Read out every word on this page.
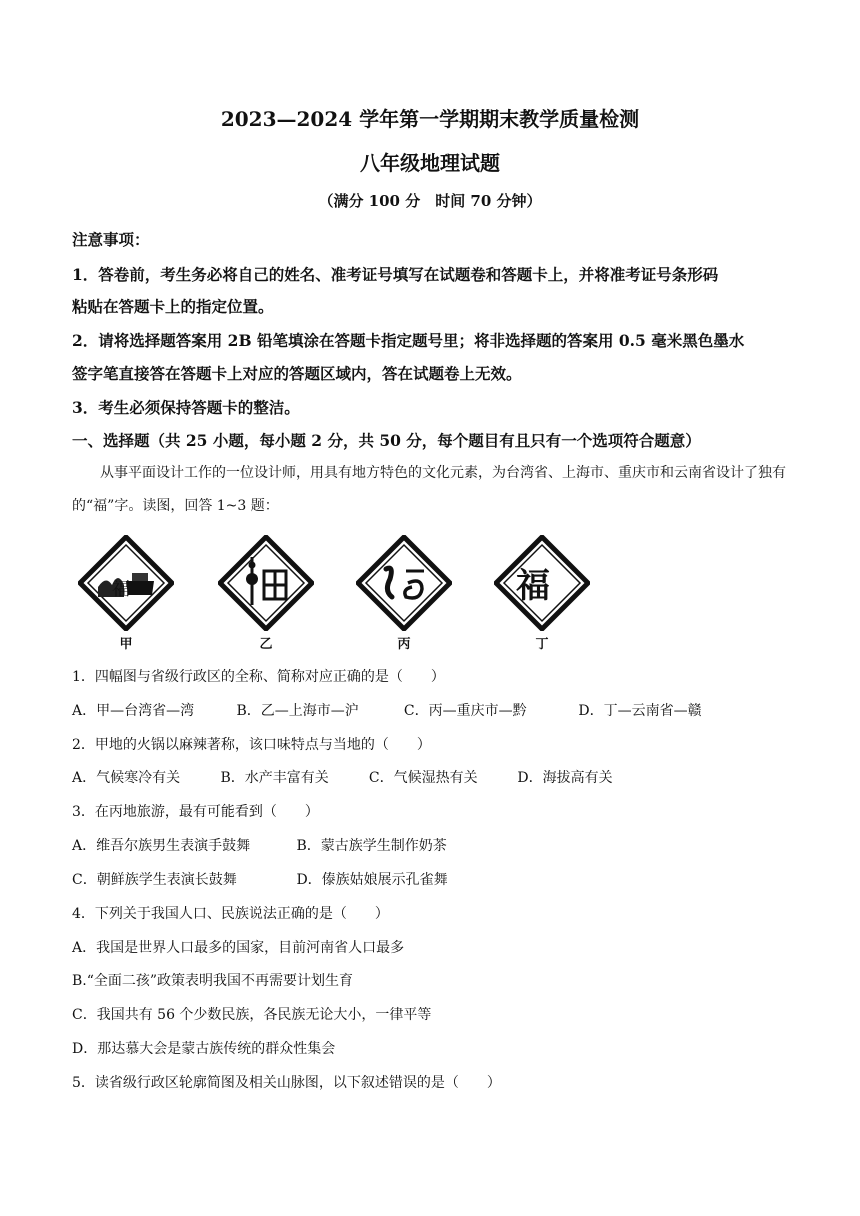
2023—2024 学年第一学期期末教学质量检测
八年级地理试题
（满分 100 分　时间 70 分钟）
注意事项：
1．答卷前，考生务必将自己的姓名、准考证号填写在试题卷和答题卡上，并将准考证号条形码
粘贴在答题卡上的指定位置。
2．请将选择题答案用 2B 铅笔填涂在答题卡指定题号里；将非选择题的答案用 0.5 毫米黑色墨水
签字笔直接答在答题卡上对应的答题区域内，答在试题卷上无效。
3．考生必须保持答题卡的整洁。
一、选择题（共 25 小题，每小题 2 分，共 50 分，每个题目有且只有一个选项符合题意）
从事平面设计工作的一位设计师，用具有地方特色的文化元素，为台湾省、上海市、重庆市和云南省设计了独有的“福”字。读图，回答 1~3 题：
福
甲	乙	丙
福
丁
1．四幅图与省级行政区的全称、简称对应正确的是（　　）
A．甲—台湾省—湾	B．乙—上海市—沪	C．丙—重庆市—黔	D．丁—云南省—赣
2．甲地的火锅以麻辣著称，该口味特点与当地的（　　）
A．气候寒冷有关	B．水产丰富有关	C．气候湿热有关	D．海拔高有关
3．在丙地旅游，最有可能看到（　　）
A．维吾尔族男生表演手鼓舞	B．蒙古族学生制作奶茶
C．朝鲜族学生表演长鼓舞	D．傣族姑娘展示孔雀舞
4．下列关于我国人口、民族说法正确的是（　　）
A．我国是世界人口最多的国家，目前河南省人口最多
B.“全面二孩”政策表明我国不再需要计划生育
C．我国共有 56 个少数民族，各民族无论大小，一律平等
D．那达慕大会是蒙古族传统的群众性集会
5．读省级行政区轮廓简图及相关山脉图，以下叙述错误的是（　　）
